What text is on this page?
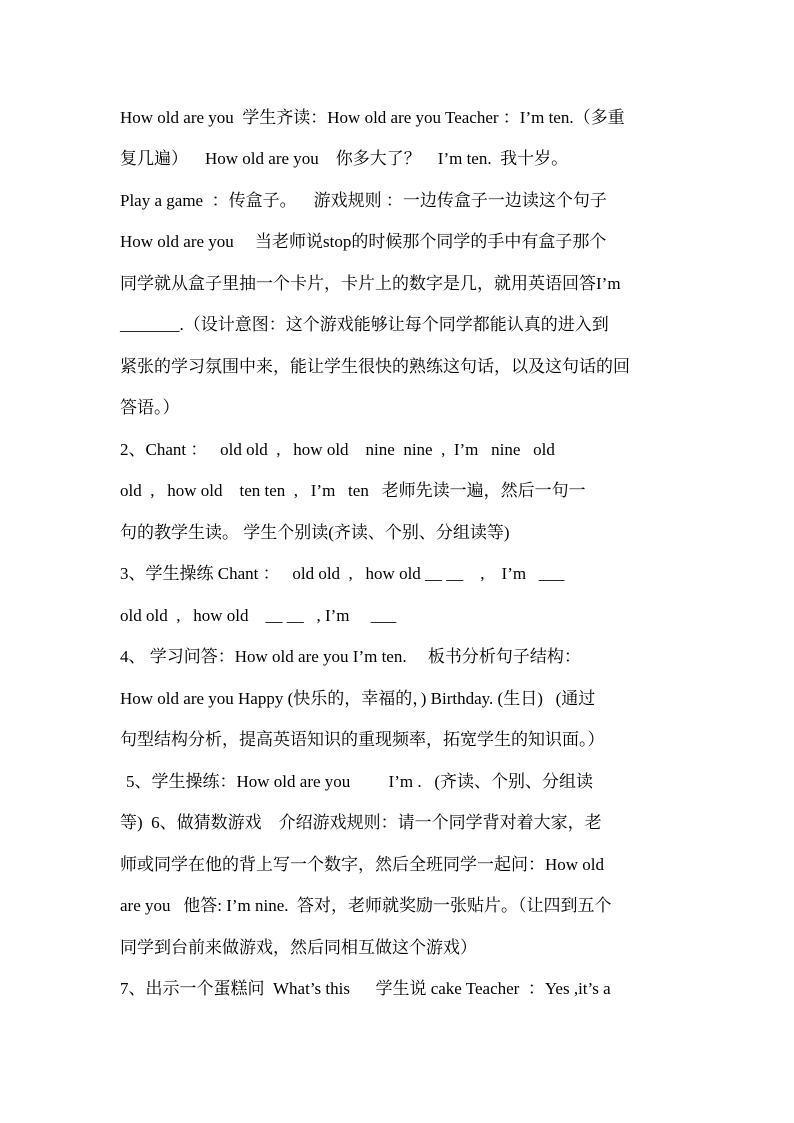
How old are you  学生齐读：How old are you Teacher ：I’m ten.（多重
复几遍）    How old are you    你多大了？    I’m ten.  我十岁。
Play a game  ：传盒子。    游戏规则 ：一边传盒子一边读这个句子
How old are you     当老师说stop的时候那个同学的手中有盒子那个
同学就从盒子里抽一个卡片，卡片上的数字是几，就用英语回答I’m
_______.（设计意图：这个游戏能够让每个同学都能认真的进入到
紧张的学习氛围中来，能让学生很快的熟练这句话，以及这句话的回
答语。）
2、Chant ：   old old  ,   how old    nine  nine  ,  I’m   nine   old
old  ,   how old    ten ten  ,   I’m   ten   老师先读一遍，然后一句一
句的教学生读。 学生个别读(齐读、个别、分组读等)
3、学生操练 Chant ：   old old  ,   how old __ __    ,    I’m   ___
old old  ,   how old    __ __   , I’m     ___
4、 学习问答：How old are you I’m ten.     板书分析句子结构：
How old are you Happy (快乐的，幸福的，) Birthday. (生日)   (通过
句型结构分析，提高英语知识的重现频率，拓宽学生的知识面。）
5、学生操练：How old are you         I’m .   (齐读、个别、分组读
等)  6、做猜数游戏    介绍游戏规则：请一个同学背对着大家，老
师或同学在他的背上写一个数字，然后全班同学一起问：How old
are you   他答: I’m nine.  答对，老师就奖励一张贴片。（让四到五个
同学到台前来做游戏，然后同相互做这个游戏）
7、出示一个蛋糕问  What’s this      学生说 cake Teacher  ：Yes ,it’s a
